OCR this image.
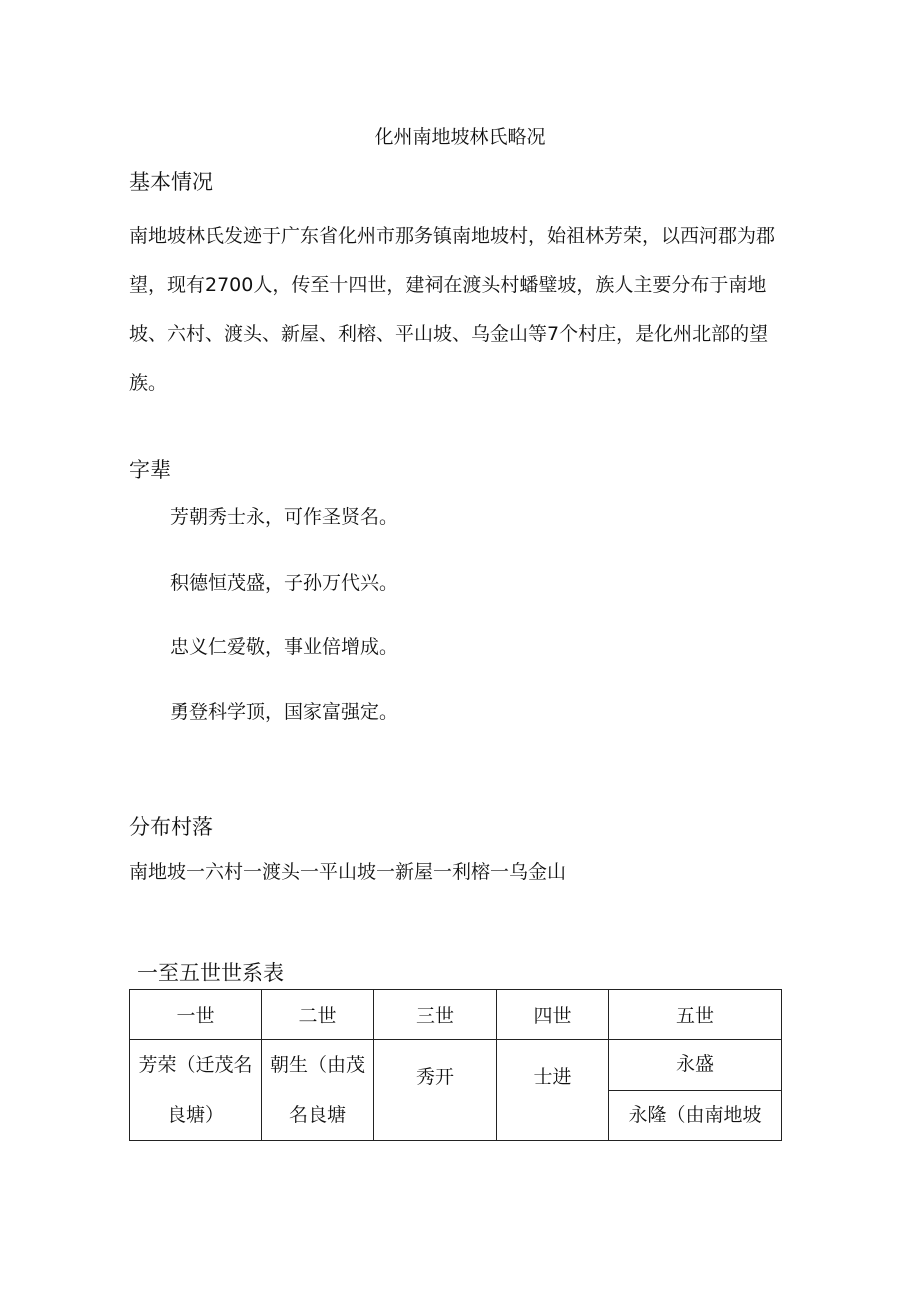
化州南地坡林氏略况
基本情况
南地坡林氏发迹于广东省化州市那务镇南地坡村，始祖林芳荣，以西河郡为郡望，现有2700人，传至十四世，建祠在渡头村蟠璧坡，族人主要分布于南地坡、六村、渡头、新屋、利榕、平山坡、乌金山等7个村庄，是化州北部的望族。
字辈
芳朝秀士永，可作圣贤名。
积德恒茂盛，子孙万代兴。
忠义仁爱敬，事业倍增成。
勇登科学顶，国家富强定。
分布村落
南地坡一六村一渡头一平山坡一新屋一利榕一乌金山
一至五世世系表
一世	二世	三世	四世	五世
芳荣（迁茂名良塘）	朝生（由茂名良塘	秀开	士进	永盛
				永隆（由南地坡
